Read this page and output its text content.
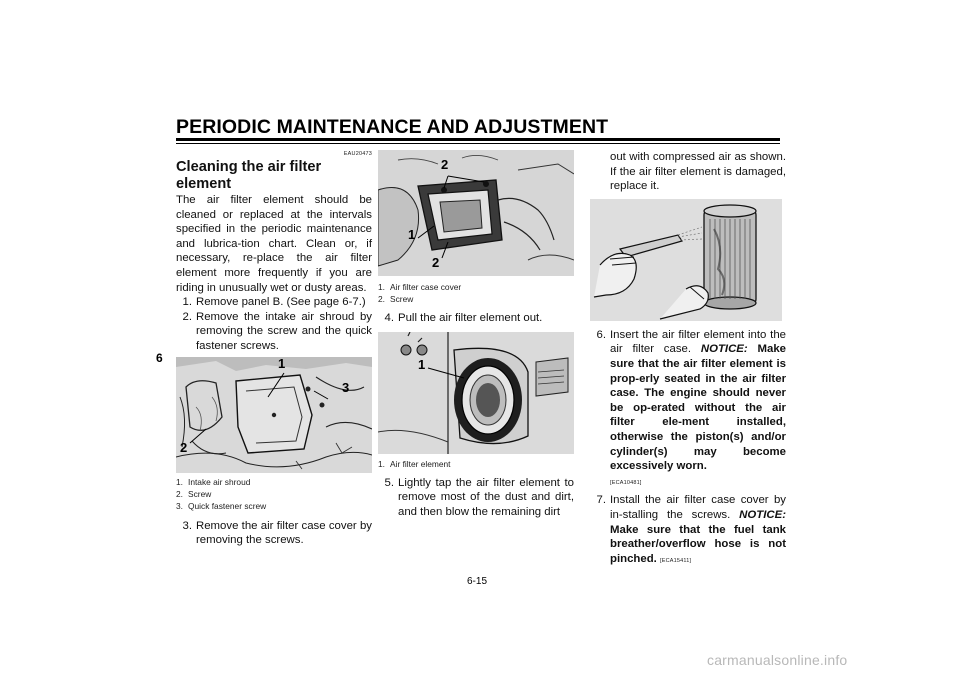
PERIODIC MAINTENANCE AND ADJUSTMENT
6
EAU20473
Cleaning the air filter element

The air filter element should be cleaned or replaced at the intervals specified in the periodic maintenance and lubrica-tion chart. Clean or, if necessary, re-place the air filter element more frequently if you are riding in unusually wet or dusty areas.

1. Remove panel B. (See page 6-7.)
2. Remove the intake air shroud by removing the screw and the quick fastener screws.
1
2
3
1. Intake air shroud
2. Screw
3. Quick fastener screw
3. Remove the air filter case cover by removing the screws.
2
1
2
1. Air filter case cover
2. Screw
4. Pull the air filter element out.
1
1. Air filter element
5. Lightly tap the air filter element to remove most of the dust and dirt, and then blow the remaining dirt
out with compressed air as shown. If the air filter element is damaged, replace it.
6. Insert the air filter element into the air filter case. NOTICE: Make sure that the air filter element is prop-erly seated in the air filter case. The engine should never be op-erated without the air filter ele-ment installed, otherwise the piston(s) and/or cylinder(s) may become excessively worn.
[ECA10481]
7. Install the air filter case cover by in-stalling the screws. NOTICE: Make sure that the fuel tank breather/overflow hose is not pinched. [ECA15411]
6-15
carmanualsonline.info
